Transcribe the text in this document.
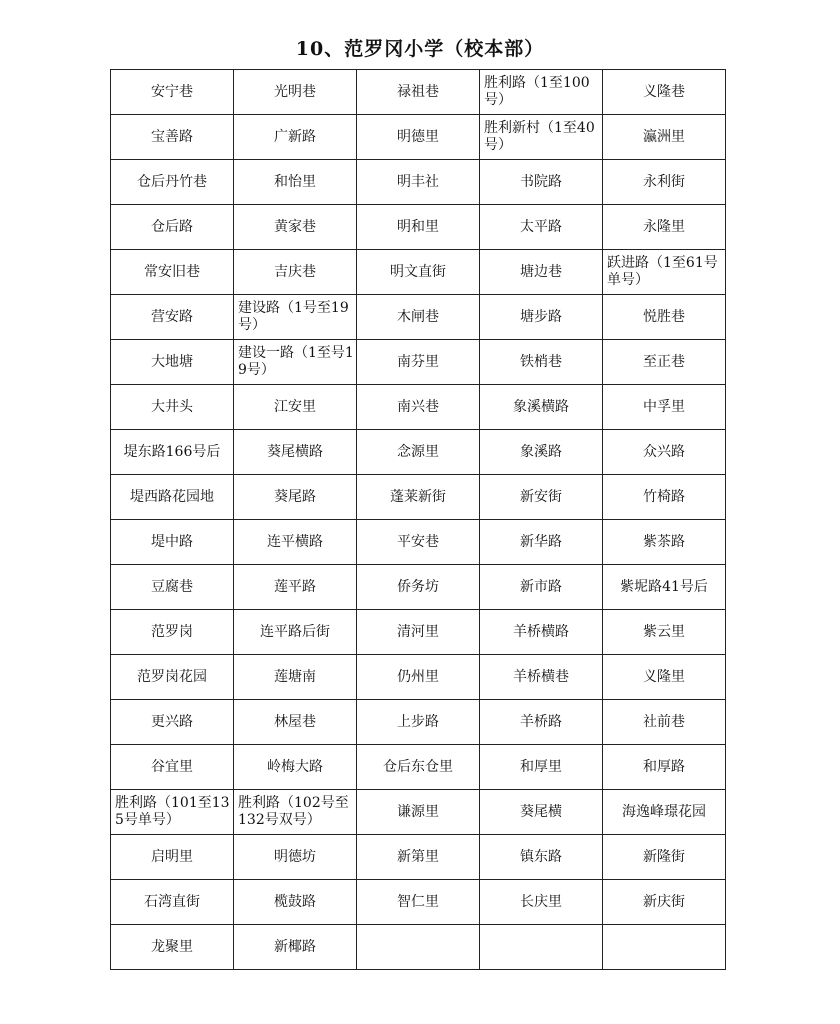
10、范罗冈小学（校本部）
安宁巷	光明巷	禄祖巷	胜利路（1至100号）	义隆巷
宝善路	广新路	明德里	胜利新村（1至40号）	瀛洲里
仓后丹竹巷	和怡里	明丰社	书院路	永利街
仓后路	黄家巷	明和里	太平路	永隆里
常安旧巷	吉庆巷	明文直街	塘边巷	跃进路（1至61号单号）
营安路	建设路（1号至19号）	木闸巷	塘步路	悦胜巷
大地塘	建设一路（1至号19号）	南芬里	铁梢巷	至正巷
大井头	江安里	南兴巷	象溪横路	中孚里
堤东路166号后	葵尾横路	念源里	象溪路	众兴路
堤西路花园地	葵尾路	蓬莱新街	新安街	竹椅路
堤中路	连平横路	平安巷	新华路	紫茶路
豆腐巷	莲平路	侨务坊	新市路	紫坭路41号后
范罗岗	连平路后街	清河里	羊桥横路	紫云里
范罗岗花园	莲塘南	仍州里	羊桥横巷	义隆里
更兴路	林屋巷	上步路	羊桥路	社前巷
谷宜里	岭梅大路	仓后东仓里	和厚里	和厚路
胜利路（101至135号单号）	胜利路（102号至132号双号）	谦源里	葵尾横	海逸峰璟花园
启明里	明德坊	新第里	镇东路	新隆街
石湾直街	榄鼓路	智仁里	长庆里	新庆街
龙聚里	新椰路			
